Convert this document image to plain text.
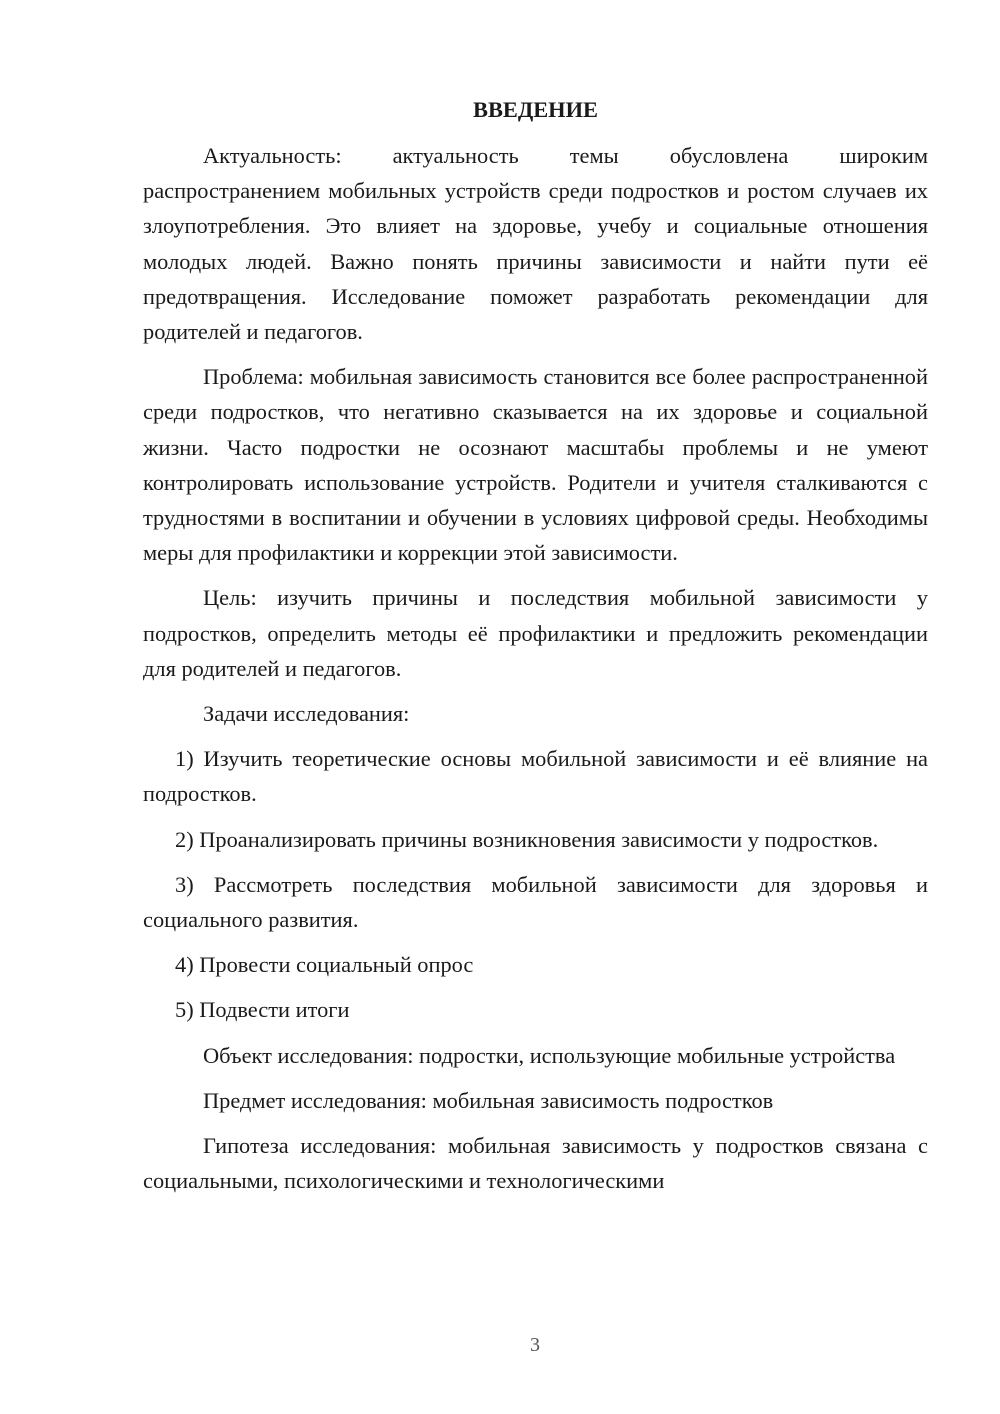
ВВЕДЕНИЕ

Актуальность: актуальность темы обусловлена широким распространением мобильных устройств среди подростков и ростом случаев их злоупотребления. Это влияет на здоровье, учебу и социальные отношения молодых людей. Важно понять причины зависимости и найти пути её предотвращения. Исследование поможет разработать рекомендации для родителей и педагогов.

Проблема: мобильная зависимость становится все более распространенной среди подростков, что негативно сказывается на их здоровье и социальной жизни. Часто подростки не осознают масштабы проблемы и не умеют контролировать использование устройств. Родители и учителя сталкиваются с трудностями в воспитании и обучении в условиях цифровой среды. Необходимы меры для профилактики и коррекции этой зависимости.

Цель: изучить причины и последствия мобильной зависимости у подростков, определить методы её профилактики и предложить рекомендации для родителей и педагогов.

Задачи исследования:

1) Изучить теоретические основы мобильной зависимости и её влияние на подростков.

2) Проанализировать причины возникновения зависимости у подростков.

3) Рассмотреть последствия мобильной зависимости для здоровья и социального развития.

4) Провести социальный опрос

5) Подвести итоги

Объект исследования: подростки, использующие мобильные устройства

Предмет исследования: мобильная зависимость подростков

Гипотеза исследования: мобильная зависимость у подростков связана с социальными, психологическими и технологическими

3
